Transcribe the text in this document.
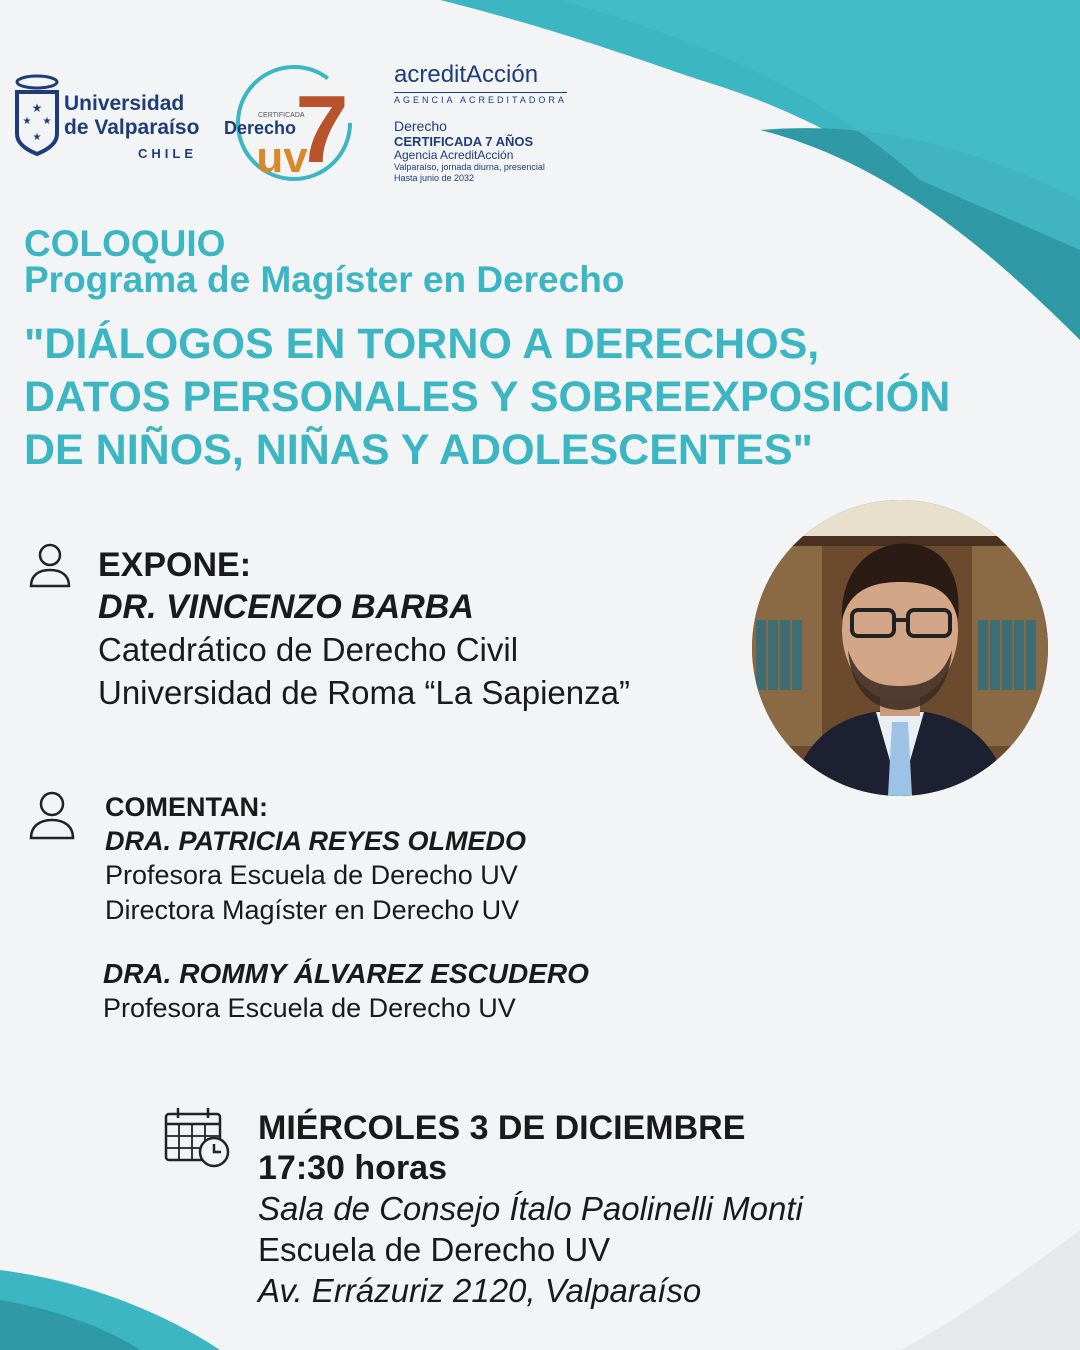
★
★ ★
★
Universidad
de Valparaíso
CHILE 7
uv
CERTIFICADA
Derecho
acreditAcción
AGENCIA ACREDITADORA
Derecho
CERTIFICADA 7 AÑOS
Agencia AcreditAcción
Valparaíso, jornada diurna, presencial
Hasta junio de 2032
COLOQUIO
Programa de Magíster en Derecho
"DIÁLOGOS EN TORNO A DERECHOS,
DATOS PERSONALES Y SOBREEXPOSICIÓN
DE NIÑOS, NIÑAS Y ADOLESCENTES"
EXPONE:
DR. VINCENZO BARBA
Catedrático de Derecho Civil
Universidad de Roma “La Sapienza”
COMENTAN:
DRA. PATRICIA REYES OLMEDO
Profesora Escuela de Derecho UV
Directora Magíster en Derecho UV
DRA. ROMMY ÁLVAREZ ESCUDERO
Profesora Escuela de Derecho UV
MIÉRCOLES 3 DE DICIEMBRE
17:30 horas
Sala de Consejo Ítalo Paolinelli Monti
Escuela de Derecho UV
Av. Errázuriz 2120, Valparaíso
